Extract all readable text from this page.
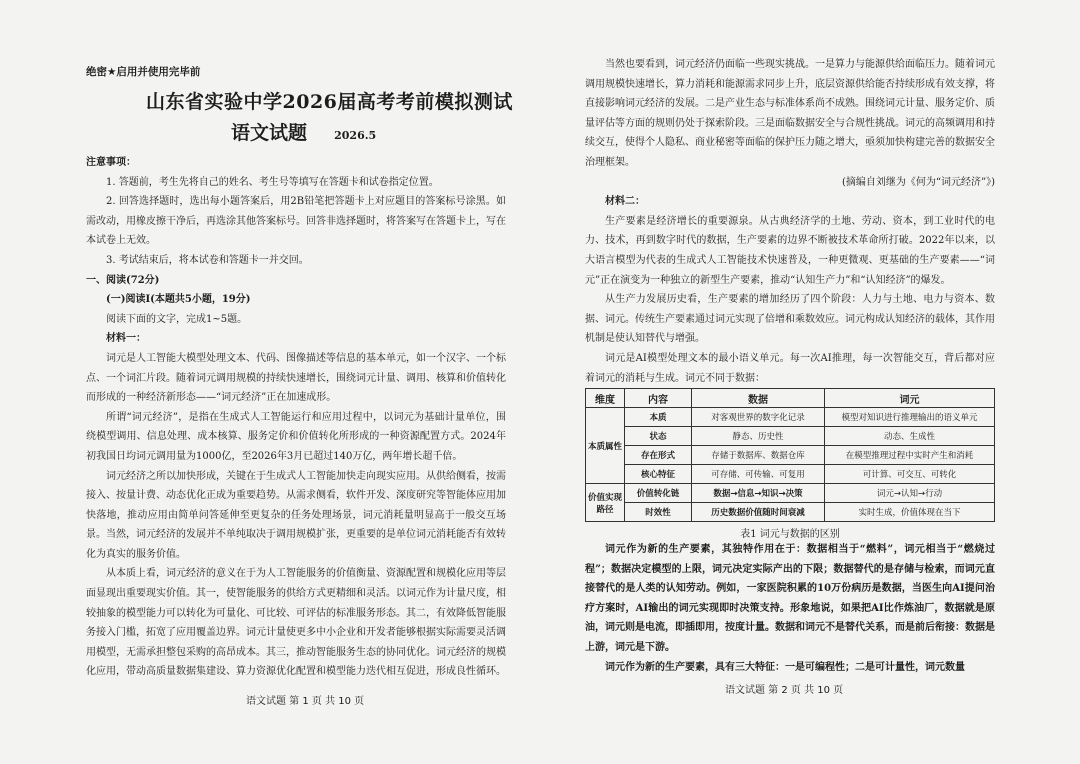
绝密★启用并使用完毕前
山东省实验中学2026届高考考前模拟测试
语文试题 2026.5

注意事项：

1. 答题前，考生先将自己的姓名、考生号等填写在答题卡和试卷指定位置。

2. 回答选择题时，选出每小题答案后，用2B铅笔把答题卡上对应题目的答案标号涂黑。如需改动，用橡皮擦干净后，再选涂其他答案标号。回答非选择题时，将答案写在答题卡上，写在本试卷上无效。

3. 考试结束后，将本试卷和答题卡一并交回。

一、阅读(72分)

(一)阅读Ⅰ(本题共5小题，19分)

阅读下面的文字，完成1~5题。

材料一：

词元是人工智能大模型处理文本、代码、图像描述等信息的基本单元，如一个汉字、一个标点、一个词汇片段。随着词元调用规模的持续快速增长，围绕词元计量、调用、核算和价值转化而形成的一种经济新形态——“词元经济”正在加速成形。

所谓“词元经济”，是指在生成式人工智能运行和应用过程中，以词元为基础计量单位，围绕模型调用、信息处理、成本核算、服务定价和价值转化所形成的一种资源配置方式。2024年初我国日均词元调用量为1000亿，至2026年3月已超过140万亿，两年增长超千倍。

词元经济之所以加快形成，关键在于生成式人工智能加快走向现实应用。从供给侧看，按需接入、按量计费、动态优化正成为重要趋势。从需求侧看，软件开发、深度研究等智能体应用加快落地，推动应用由简单问答延伸至更复杂的任务处理场景，词元消耗量明显高于一般交互场景。当然，词元经济的发展并不单纯取决于调用规模扩张，更重要的是单位词元消耗能否有效转化为真实的服务价值。

从本质上看，词元经济的意义在于为人工智能服务的价值衡量、资源配置和规模化应用等层面显现出重要现实价值。其一，使智能服务的供给方式更精细和灵活。以词元作为计量尺度，相较抽象的模型能力可以转化为可量化、可比较、可评估的标准服务形态。其二，有效降低智能服务接入门槛，拓宽了应用覆盖边界。词元计量使更多中小企业和开发者能够根据实际需要灵活调用模型，无需承担整包采购的高昂成本。其三，推动智能服务生态的协同优化。词元经济的规模化应用，带动高质量数据集建设、算力资源优化配置和模型能力迭代相互促进，形成良性循环。

语文试题 第 1 页 共 10 页

当然也要看到，词元经济仍面临一些现实挑战。一是算力与能源供给面临压力。随着词元调用规模快速增长，算力消耗和能源需求同步上升，底层资源供给能否持续形成有效支撑，将直接影响词元经济的发展。二是产业生态与标准体系尚不成熟。围绕词元计量、服务定价、质量评估等方面的规则仍处于探索阶段。三是面临数据安全与合规性挑战。词元的高频调用和持续交互，使得个人隐私、商业秘密等面临的保护压力随之增大，亟须加快构建完善的数据安全治理框架。

(摘编自刘继为《何为“词元经济”》)

材料二：

生产要素是经济增长的重要源泉。从古典经济学的土地、劳动、资本，到工业时代的电力、技术，再到数字时代的数据，生产要素的边界不断被技术革命所打破。2022年以来，以大语言模型为代表的生成式人工智能技术快速普及，一种更微观、更基础的生产要素——“词元”正在演变为一种独立的新型生产要素，推动“认知生产力”和“认知经济”的爆发。

从生产力发展历史看，生产要素的增加经历了四个阶段：人力与土地、电力与资本、数据、词元。传统生产要素通过词元实现了倍增和乘数效应。词元构成认知经济的载体，其作用机制是使认知替代与增强。

词元是AI模型处理文本的最小语义单元。每一次AI推理，每一次智能交互，背后都对应着词元的消耗与生成。词元不同于数据：

维度	内容	数据	词元
本质属性	本质	对客观世界的数字化记录	模型对知识进行推理输出的语义单元
	状态	静态、历史性	动态、生成性
	存在形式	存储于数据库、数据仓库	在模型推理过程中实时产生和消耗
	核心特征	可存储、可传输、可复用	可计算、可交互、可转化
价值实现路径	价值转化链	数据→信息→知识→决策	词元→认知→行动
	时效性	历史数据价值随时间衰减	实时生成，价值体现在当下
表1 词元与数据的区别

词元作为新的生产要素，其独特作用在于：数据相当于“燃料”，词元相当于“燃烧过程”；数据决定模型的上限，词元决定实际产出的下限；数据替代的是存储与检索，而词元直接替代的是人类的认知劳动。例如，一家医院积累的10万份病历是数据，当医生向AI提问治疗方案时，AI输出的词元实现即时决策支持。形象地说，如果把AI比作炼油厂，数据就是原油，词元则是电流，即插即用，按度计量。数据和词元不是替代关系，而是前后衔接：数据是上游，词元是下游。

词元作为新的生产要素，具有三大特征：一是可编程性；二是可计量性，词元数量

语文试题 第 2 页 共 10 页
